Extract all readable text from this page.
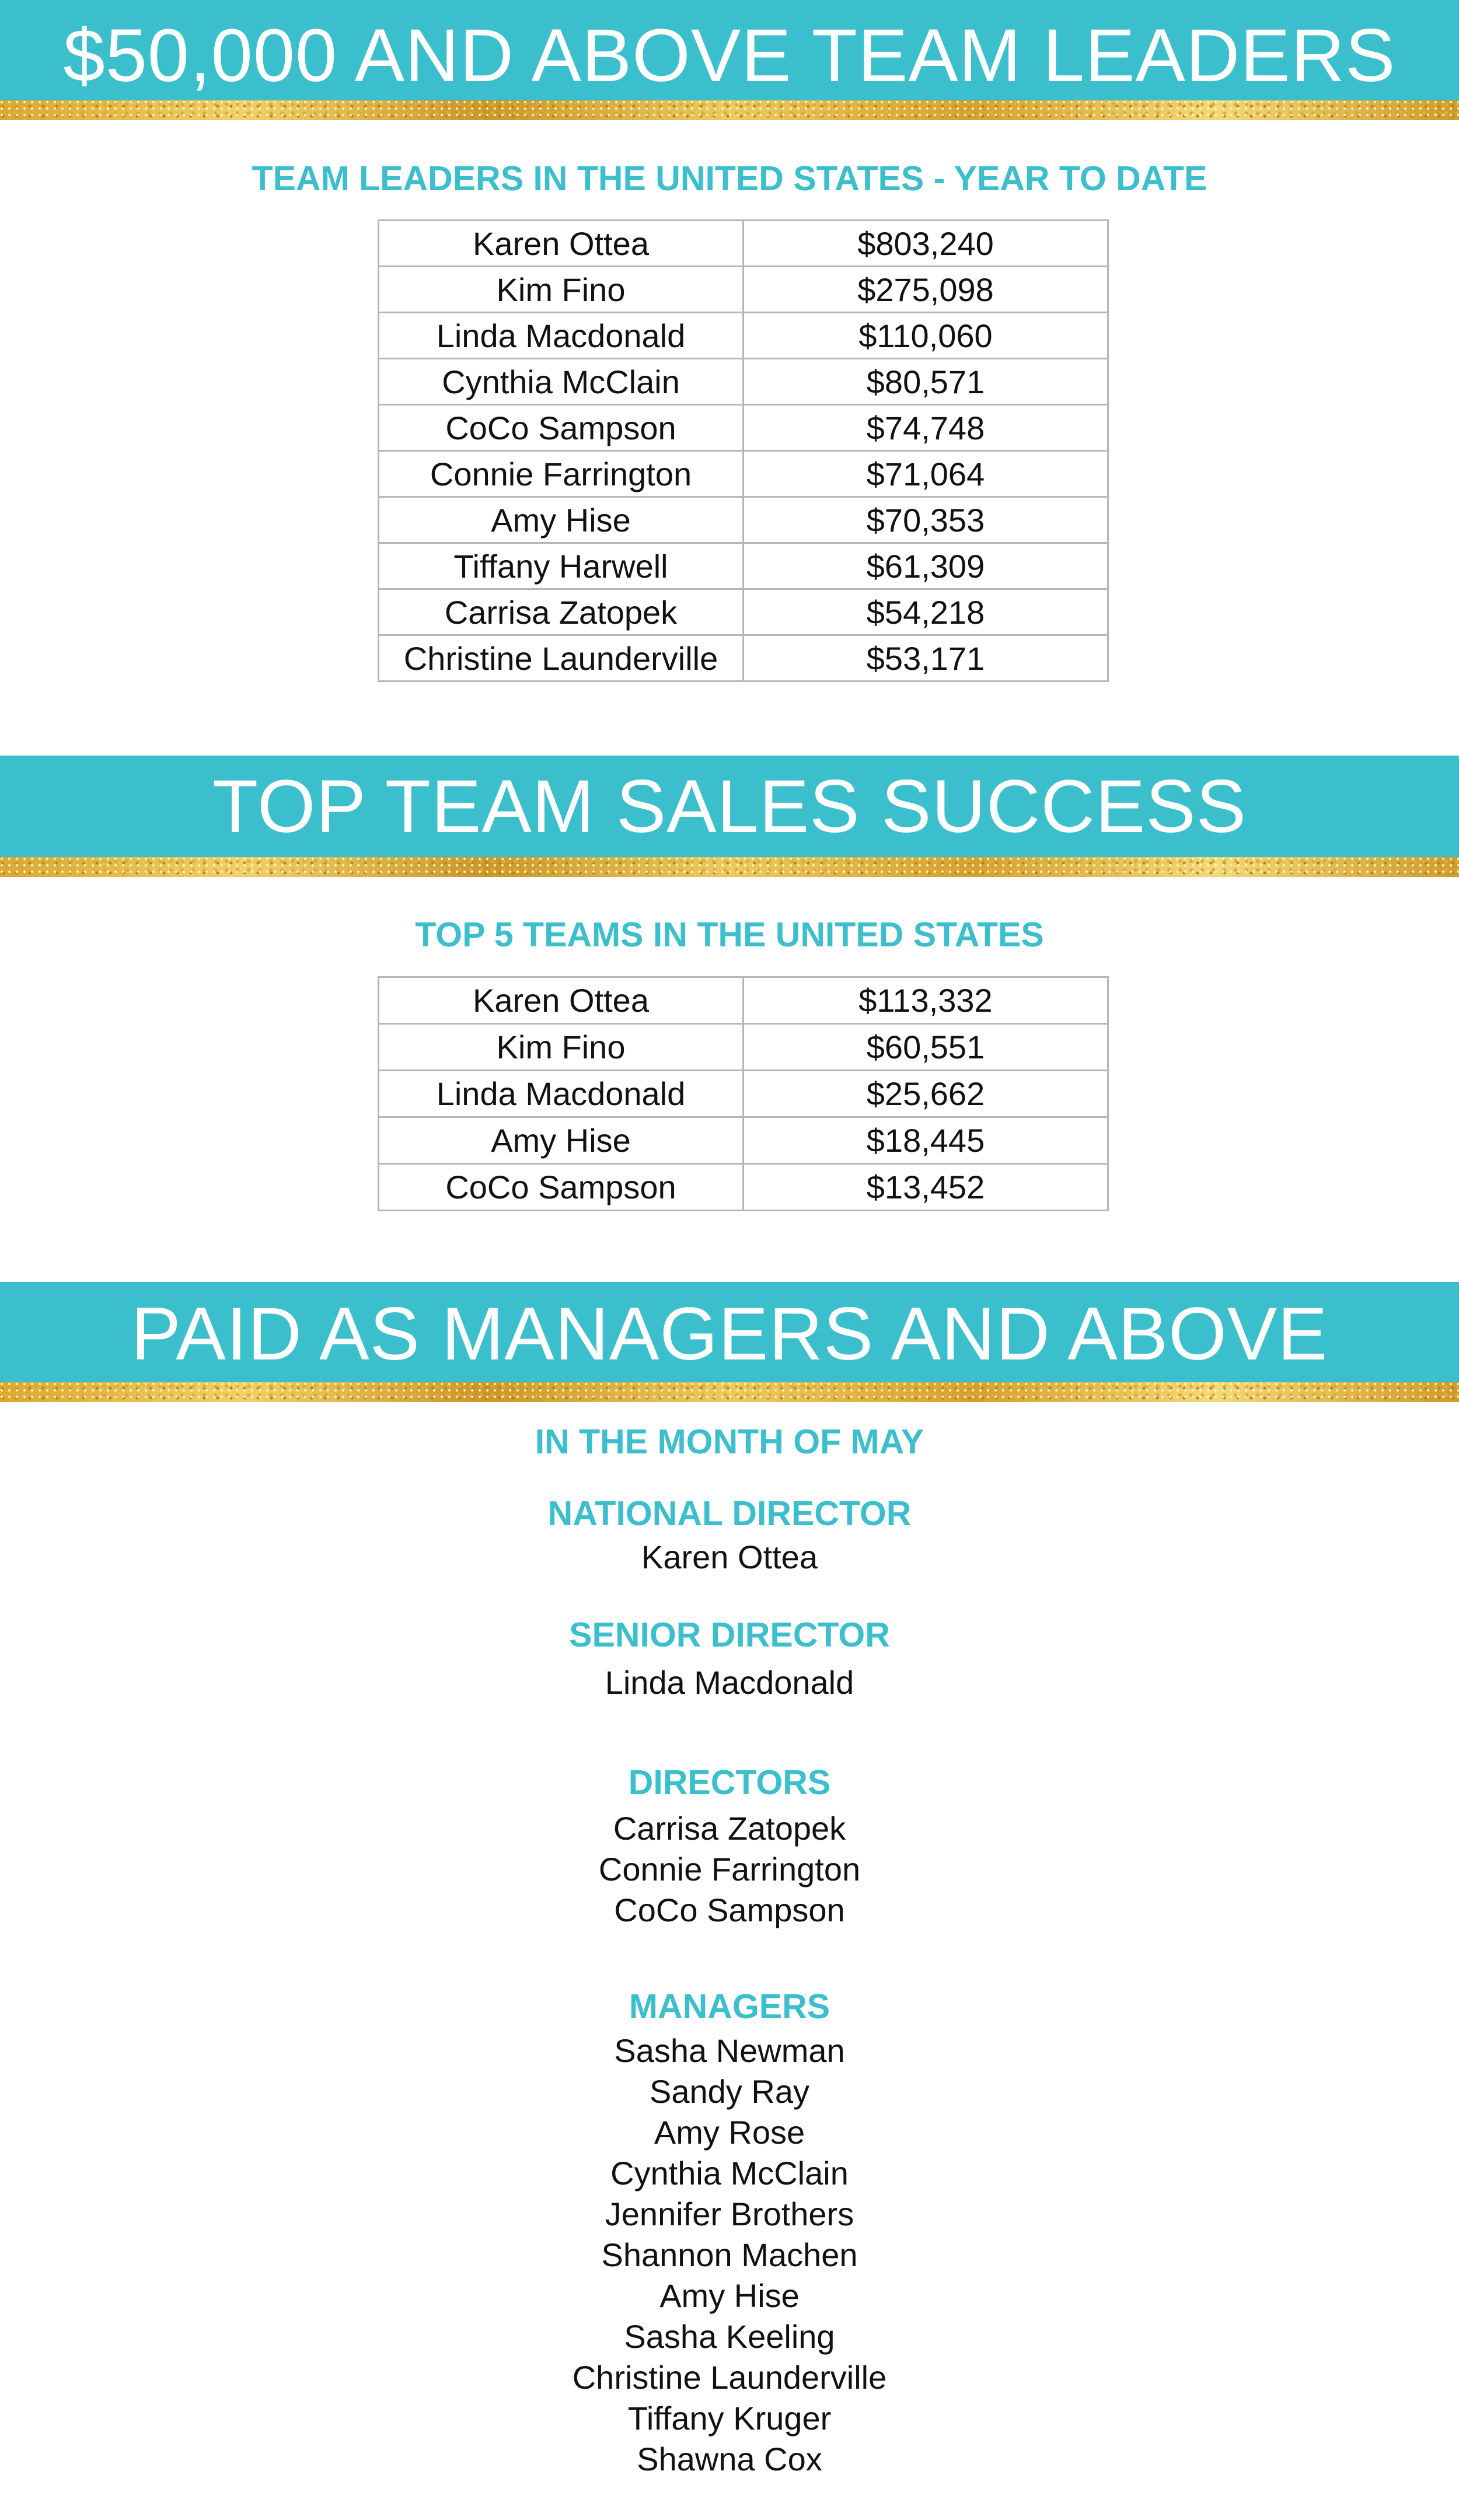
$50,000 AND ABOVE TEAM LEADERS
TEAM LEADERS IN THE UNITED STATES - YEAR TO DATE
Karen Ottea	$803,240
Kim Fino	$275,098
Linda Macdonald	$110,060
Cynthia McClain	$80,571
CoCo Sampson	$74,748
Connie Farrington	$71,064
Amy Hise	$70,353
Tiffany Harwell	$61,309
Carrisa Zatopek	$54,218
Christine Launderville	$53,171
TOP TEAM SALES SUCCESS
TOP 5 TEAMS IN THE UNITED STATES
Karen Ottea	$113,332
Kim Fino	$60,551
Linda Macdonald	$25,662
Amy Hise	$18,445
CoCo Sampson	$13,452
PAID AS MANAGERS AND ABOVE
IN THE MONTH OF MAY
NATIONAL DIRECTOR
Karen Ottea
SENIOR DIRECTOR
Linda Macdonald
DIRECTORS
Carrisa Zatopek
Connie Farrington
CoCo Sampson
MANAGERS
Sasha Newman
Sandy Ray
Amy Rose
Cynthia McClain
Jennifer Brothers
Shannon Machen
Amy Hise
Sasha Keeling
Christine Launderville
Tiffany Kruger
Shawna Cox
